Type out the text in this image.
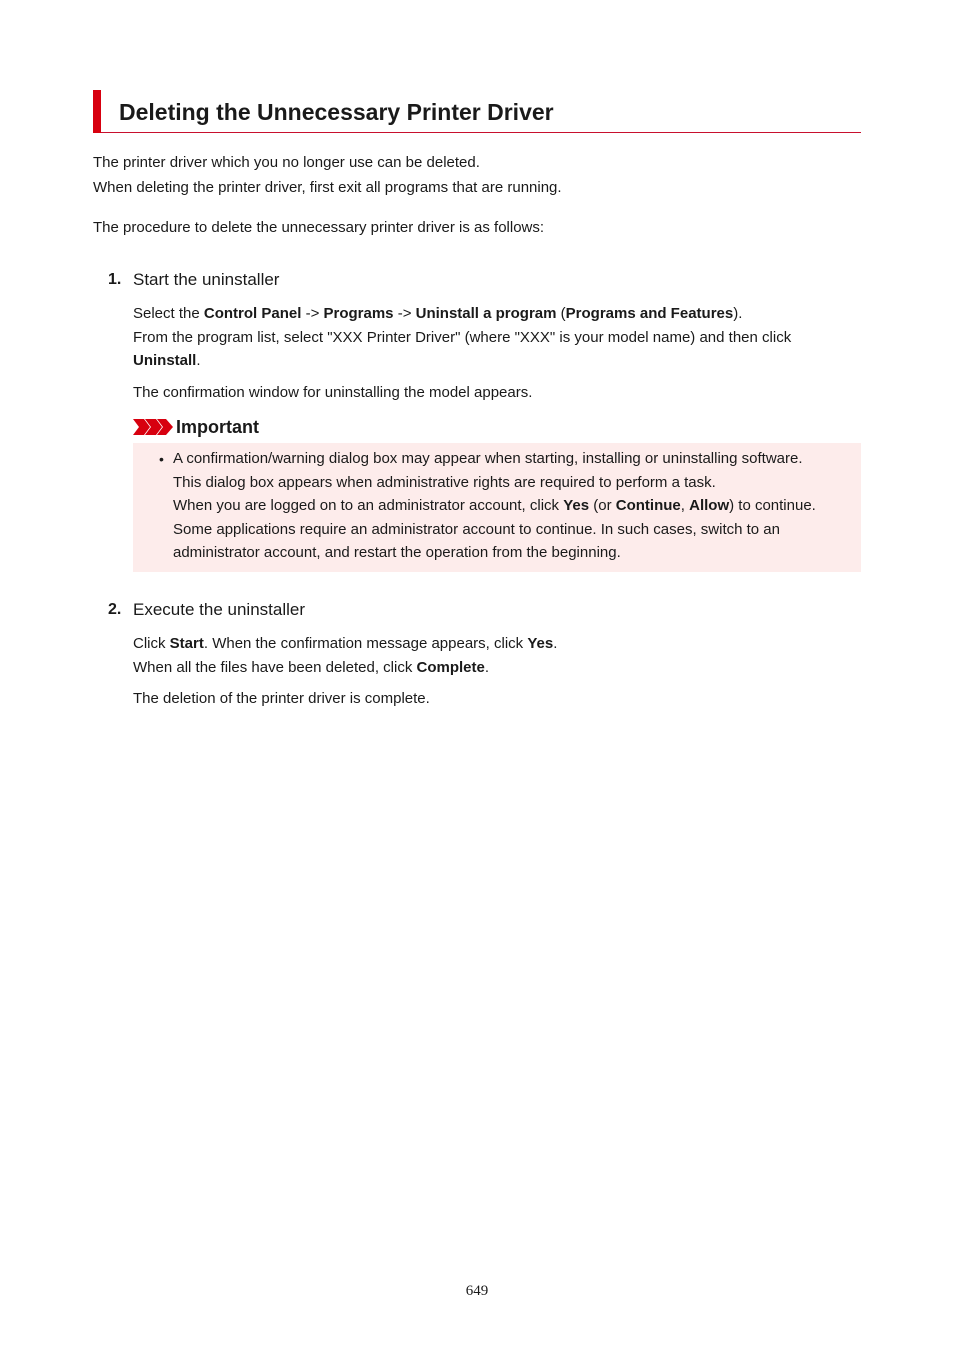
Deleting the Unnecessary Printer Driver

The printer driver which you no longer use can be deleted.

When deleting the printer driver, first exit all programs that are running.

The procedure to delete the unnecessary printer driver is as follows:

1. Start the uninstaller

Select the Control Panel -> Programs -> Uninstall a program (Programs and Features).

From the program list, select "XXX Printer Driver" (where "XXX" is your model name) and then click

Uninstall.

The confirmation window for uninstalling the model appears.

Important
• A confirmation/warning dialog box may appear when starting, installing or uninstalling software.
This dialog box appears when administrative rights are required to perform a task.
When you are logged on to an administrator account, click Yes (or Continue, Allow) to continue.
Some applications require an administrator account to continue. In such cases, switch to an
administrator account, and restart the operation from the beginning.
2. Execute the uninstaller

Click Start. When the confirmation message appears, click Yes.

When all the files have been deleted, click Complete.

The deletion of the printer driver is complete.

649
